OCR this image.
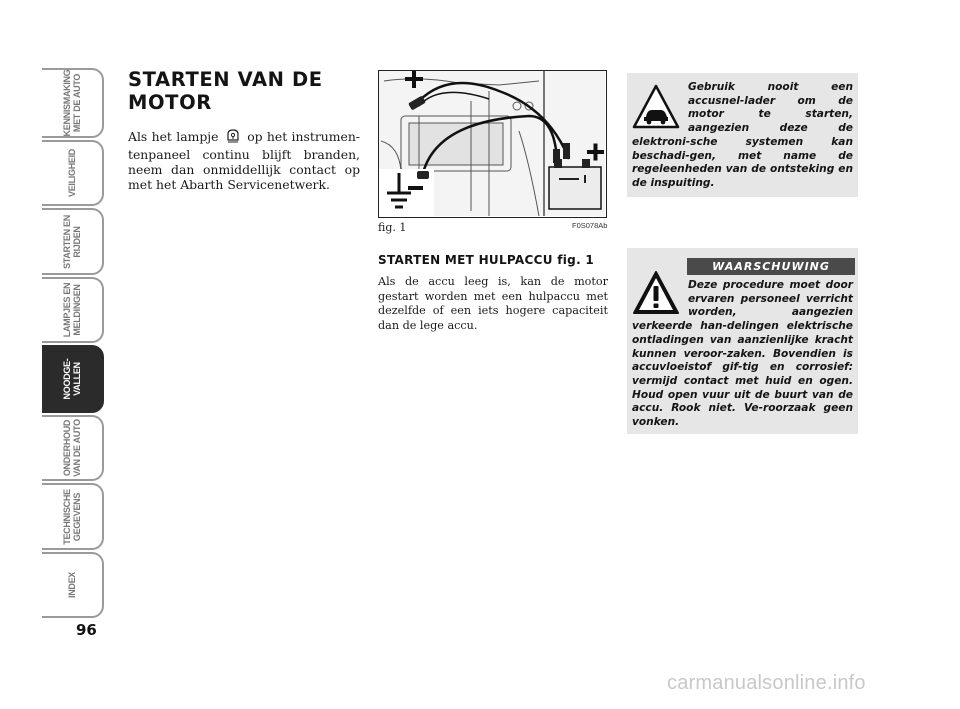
KENNISMAKING
MET DE AUTO
VEILIGHEID
STARTEN EN
RIJDEN
LAMPJES EN
MELDINGEN
NOODGE-
VALLEN
ONDERHOUD
VAN DE AUTO
TECHNISCHE
GEGEVENS
INDEX
96
STARTEN VAN DE MOTOR
Als het lampje op het instrumen-tenpaneel continu blijft branden, neem dan onmiddellijk contact op met het Abarth Servicenetwerk.
fig. 1	F0S078Ab
STARTEN MET HULPACCU fig. 1
Als de accu leeg is, kan de motor gestart worden met een hulpaccu met dezelfde of een iets hogere capaciteit dan de lege accu.
Gebruik nooit een accusnel-lader om de motor te starten, aangezien deze de elektroni-sche systemen kan beschadi-gen, met name de regeleenheden van de ontsteking en de inspuiting.
WAARSCHUWING
Deze procedure moet door ervaren personeel verricht worden, aangezien verkeerde han-delingen elektrische ontladingen van aanzienlijke kracht kunnen veroor-zaken. Bovendien is accuvloeistof gif-tig en corrosief: vermijd contact met huid en ogen. Houd open vuur uit de buurt van de accu. Rook niet. Ve-roorzaak geen vonken.
carmanualsonline.info
